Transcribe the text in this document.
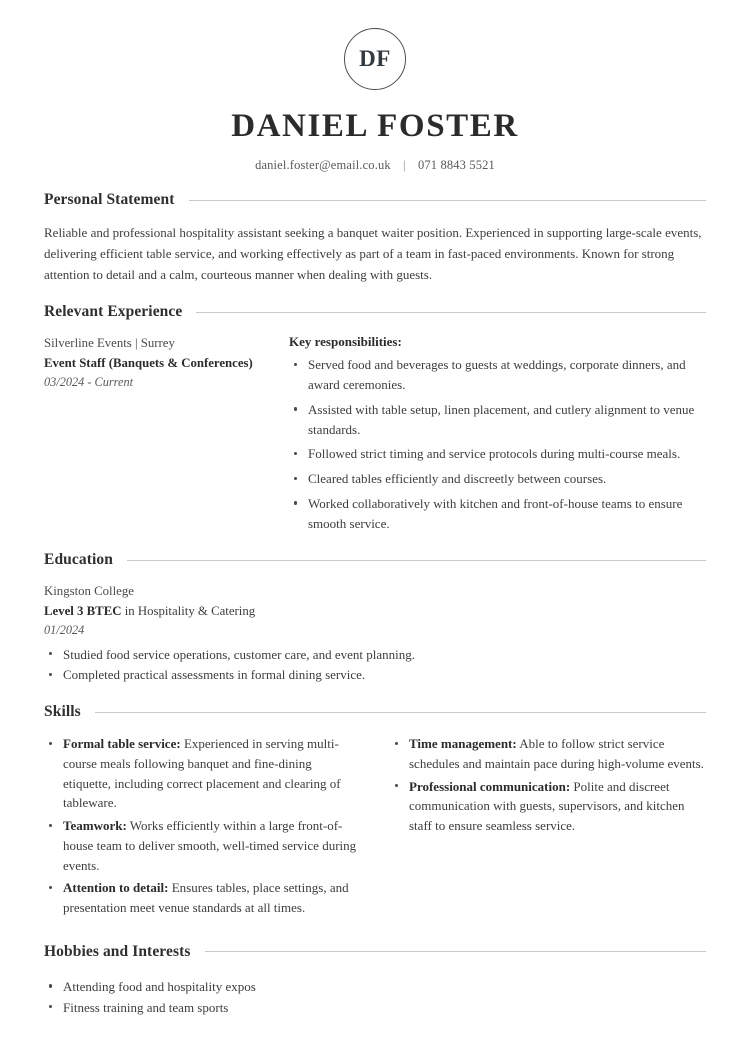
DF
DANIEL FOSTER
daniel.foster@email.co.uk | 071 8843 5521
Personal Statement
Reliable and professional hospitality assistant seeking a banquet waiter position. Experienced in supporting large-scale events, delivering efficient table service, and working effectively as part of a team in fast-paced environments. Known for strong attention to detail and a calm, courteous manner when dealing with guests.
Relevant Experience
Silverline Events | Surrey
Event Staff (Banquets & Conferences)
03/2024 - Current
Key responsibilities:
Served food and beverages to guests at weddings, corporate dinners, and award ceremonies.
Assisted with table setup, linen placement, and cutlery alignment to venue standards.
Followed strict timing and service protocols during multi-course meals.
Cleared tables efficiently and discreetly between courses.
Worked collaboratively with kitchen and front-of-house teams to ensure smooth service.
Education
Kingston College
Level 3 BTEC in Hospitality & Catering
01/2024
Studied food service operations, customer care, and event planning.
Completed practical assessments in formal dining service.
Skills
Formal table service: Experienced in serving multi-course meals following banquet and fine-dining etiquette, including correct placement and clearing of tableware.
Teamwork: Works efficiently within a large front-of-house team to deliver smooth, well-timed service during events.
Attention to detail: Ensures tables, place settings, and presentation meet venue standards at all times.
Time management: Able to follow strict service schedules and maintain pace during high-volume events.
Professional communication: Polite and discreet communication with guests, supervisors, and kitchen staff to ensure seamless service.
Hobbies and Interests
Attending food and hospitality expos
Fitness training and team sports
